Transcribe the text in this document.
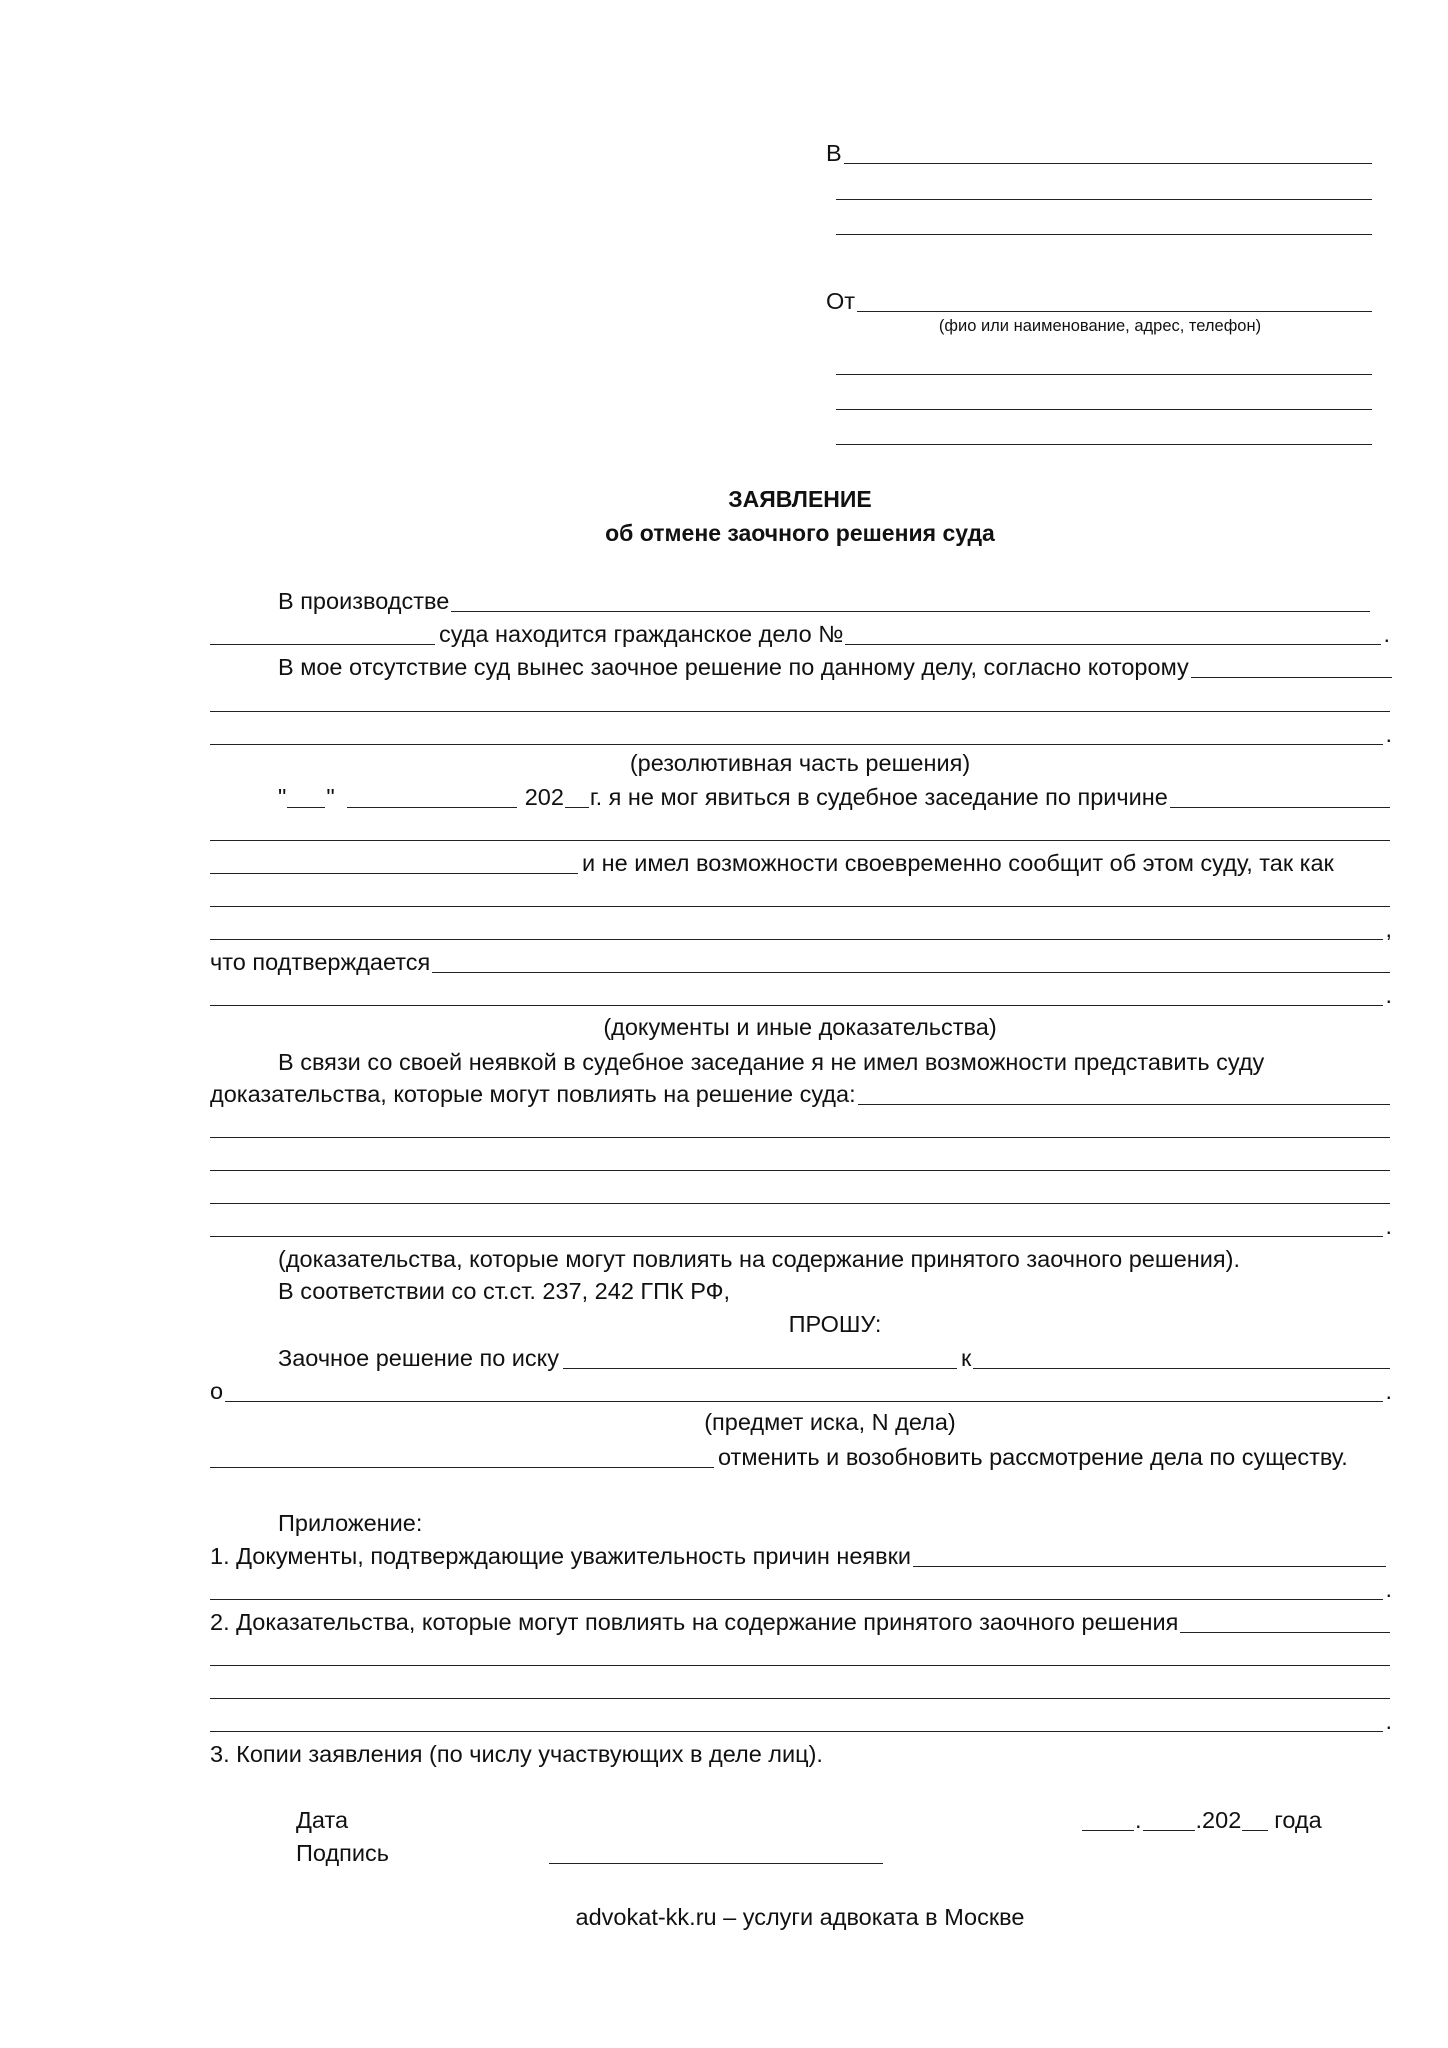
В
От
(фио или наименование, адрес, телефон)
ЗАЯВЛЕНИЕ
об отмене заочного решения суда
В производстве
суда находится гражданское дело №	.
В мое отсутствие суд вынес заочное решение по данному делу, согласно которому
.
(резолютивная часть решения)
" "	202 г. я не мог явиться в судебное заседание по причине
и не имел возможности своевременно сообщит об этом суду, так как
,
что подтверждается
.
(документы и иные доказательства)
В связи со своей неявкой в судебное заседание я не имел возможности представить суду
доказательства, которые могут повлиять на решение суда:
.
(доказательства, которые могут повлиять на содержание принятого заочного решения).
В соответствии со ст.ст. 237, 242 ГПК РФ,
ПРОШУ:
Заочное решение по иску	к
о	.
(предмет иска, N дела)
отменить и возобновить рассмотрение дела по существу.
Приложение:
1. Документы, подтверждающие уважительность причин неявки
.
2. Доказательства, которые могут повлиять на содержание принятого заочного решения
.
3. Копии заявления (по числу участвующих в деле лиц).
Дата	. .202 года
Подпись
advokat-kk.ru – услуги адвоката в Москве
